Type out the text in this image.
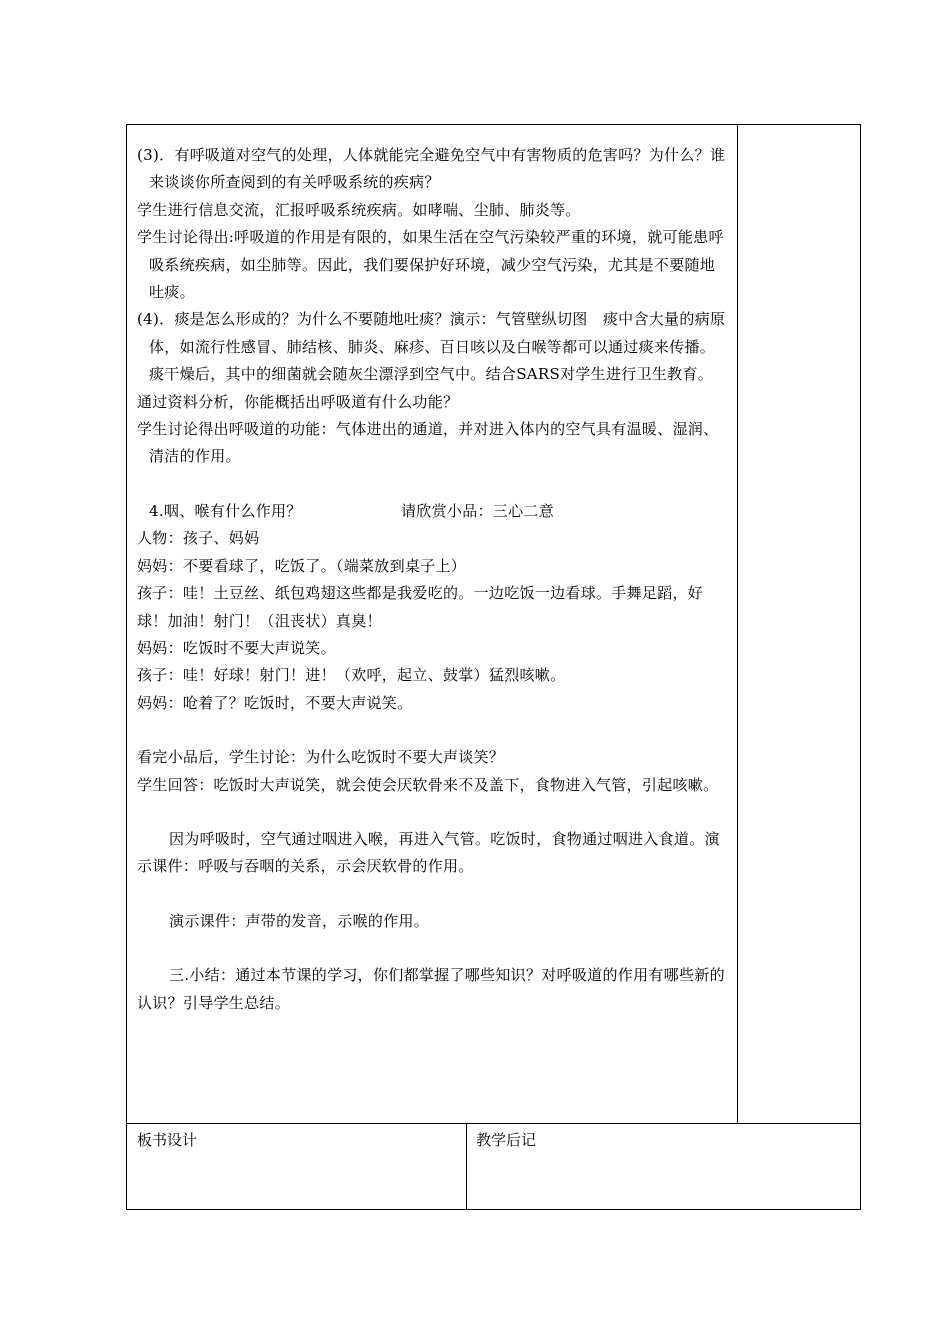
(3)．有呼吸道对空气的处理，人体就能完全避免空气中有害物质的危害吗？为什么？谁来谈谈你所查阅到的有关呼吸系统的疾病？

学生进行信息交流，汇报呼吸系统疾病。如哮喘、尘肺、肺炎等。

学生讨论得出:呼吸道的作用是有限的，如果生活在空气污染较严重的环境，就可能患呼吸系统疾病，如尘肺等。因此，我们要保护好环境，减少空气污染，尤其是不要随地吐痰。

(4)．痰是怎么形成的？为什么不要随地吐痰？演示：气管壁纵切图　痰中含大量的病原体，如流行性感冒、肺结核、肺炎、麻疹、百日咳以及白喉等都可以通过痰来传播。痰干燥后，其中的细菌就会随灰尘漂浮到空气中。结合SARS对学生进行卫生教育。

通过资料分析，你能概括出呼吸道有什么功能？

学生讨论得出呼吸道的功能：气体进出的通道，并对进入体内的空气具有温暖、湿润、清洁的作用。

4.咽、喉有什么作用？	请欣赏小品：三心二意

人物：孩子、妈妈

妈妈：不要看球了，吃饭了。（端菜放到桌子上）

孩子：哇！土豆丝、纸包鸡翅这些都是我爱吃的。一边吃饭一边看球。手舞足蹈，好球！加油！射门！（沮丧状）真臭！

妈妈：吃饭时不要大声说笑。

孩子：哇！好球！射门！进！（欢呼，起立、鼓掌）猛烈咳嗽。

妈妈：呛着了？吃饭时，不要大声说笑。

看完小品后，学生讨论：为什么吃饭时不要大声谈笑？

学生回答：吃饭时大声说笑，就会使会厌软骨来不及盖下，食物进入气管，引起咳嗽。

因为呼吸时，空气通过咽进入喉，再进入气管。吃饭时，食物通过咽进入食道。演示课件：呼吸与吞咽的关系，示会厌软骨的作用。

演示课件：声带的发音，示喉的作用。

三.小结：通过本节课的学习，你们都掌握了哪些知识？对呼吸道的作用有哪些新的认识？引导学生总结。

板书设计	教学后记
